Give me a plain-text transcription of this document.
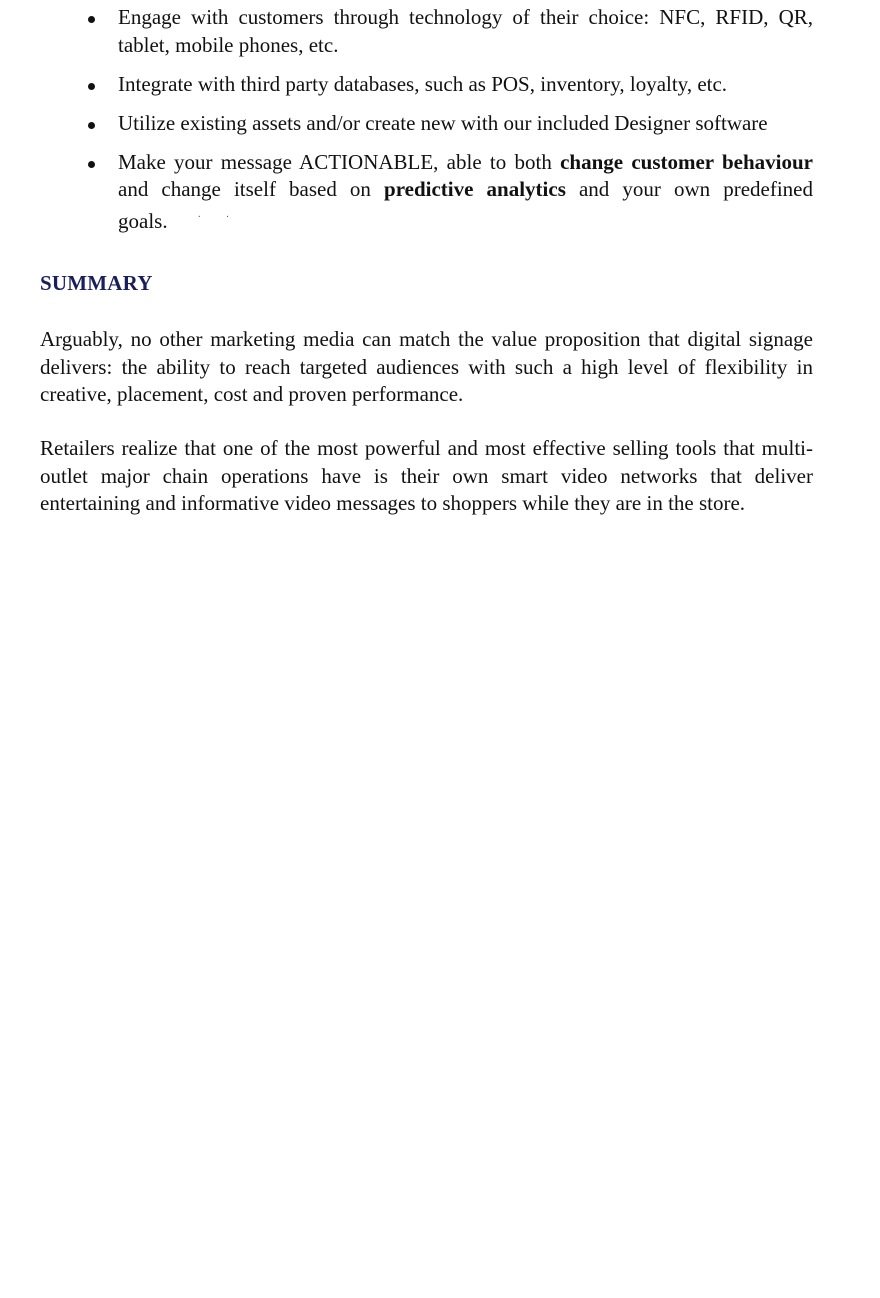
Engage with customers through technology of their choice: NFC, RFID, QR, tablet, mobile phones, etc.
Integrate with third party databases, such as POS, inventory, loyalty, etc.
Utilize existing assets and/or create new with our included Designer software
Make your message ACTIONABLE, able to both change customer behaviour and change itself based on predictive analytics and your own predefined goals.	·          ·
SUMMARY

Arguably, no other marketing media can match the value proposition that digital signage delivers: the ability to reach targeted audiences with such a high level of flexibility in creative, placement, cost and proven performance.

Retailers realize that one of the most powerful and most effective selling tools that multi-outlet major chain operations have is their own smart video networks that deliver entertaining and informative video messages to shoppers while they are in the store.
